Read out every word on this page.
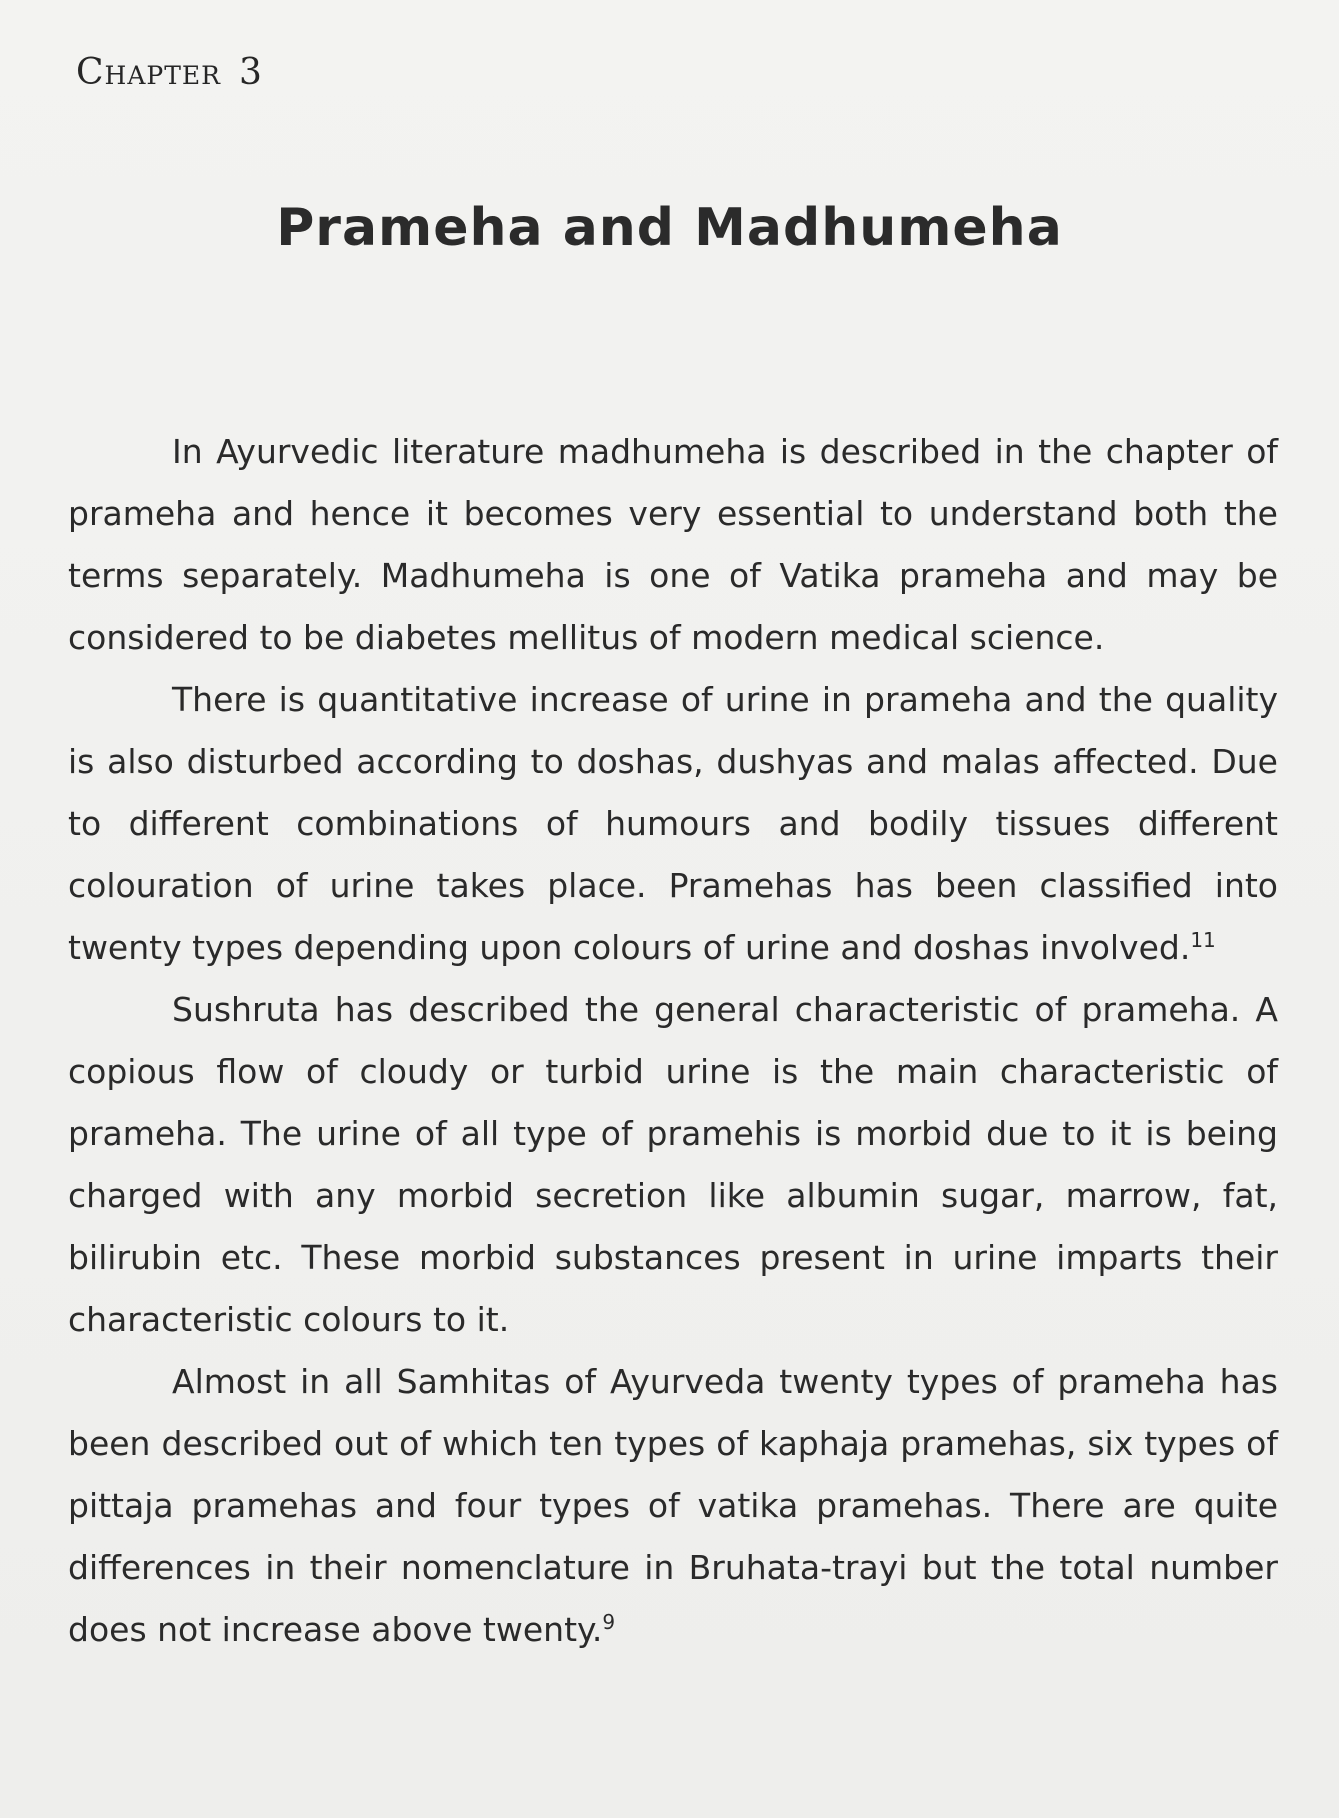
Chapter 3
Prameha and Madhumeha

In Ayurvedic literature madhumeha is described in the chapter of prameha and hence it becomes very essential to understand both the terms separately. Madhumeha is one of Vatika prameha and may be considered to be diabetes mellitus of modern medical science.

There is quantitative increase of urine in prameha and the quality is also disturbed according to doshas, dushyas and malas affected. Due to different combinations of humours and bodily tissues different colouration of urine takes place. Pramehas has been classified into twenty types depending upon colours of urine and doshas involved.$^{11}$

Sushruta has described the general characteristic of prameha. A copious flow of cloudy or turbid urine is the main characteristic of prameha. The urine of all type of pramehis is morbid due to it is being charged with any morbid secretion like albumin sugar, marrow, fat, bilirubin etc. These morbid substances present in urine imparts their characteristic colours to it.

Almost in all Samhitas of Ayurveda twenty types of prameha has been described out of which ten types of kaphaja pramehas, six types of pittaja pramehas and four types of vatika pramehas. There are quite differences in their nomenclature in Bruhata-trayi but the total number does not increase above twenty.$^9$
